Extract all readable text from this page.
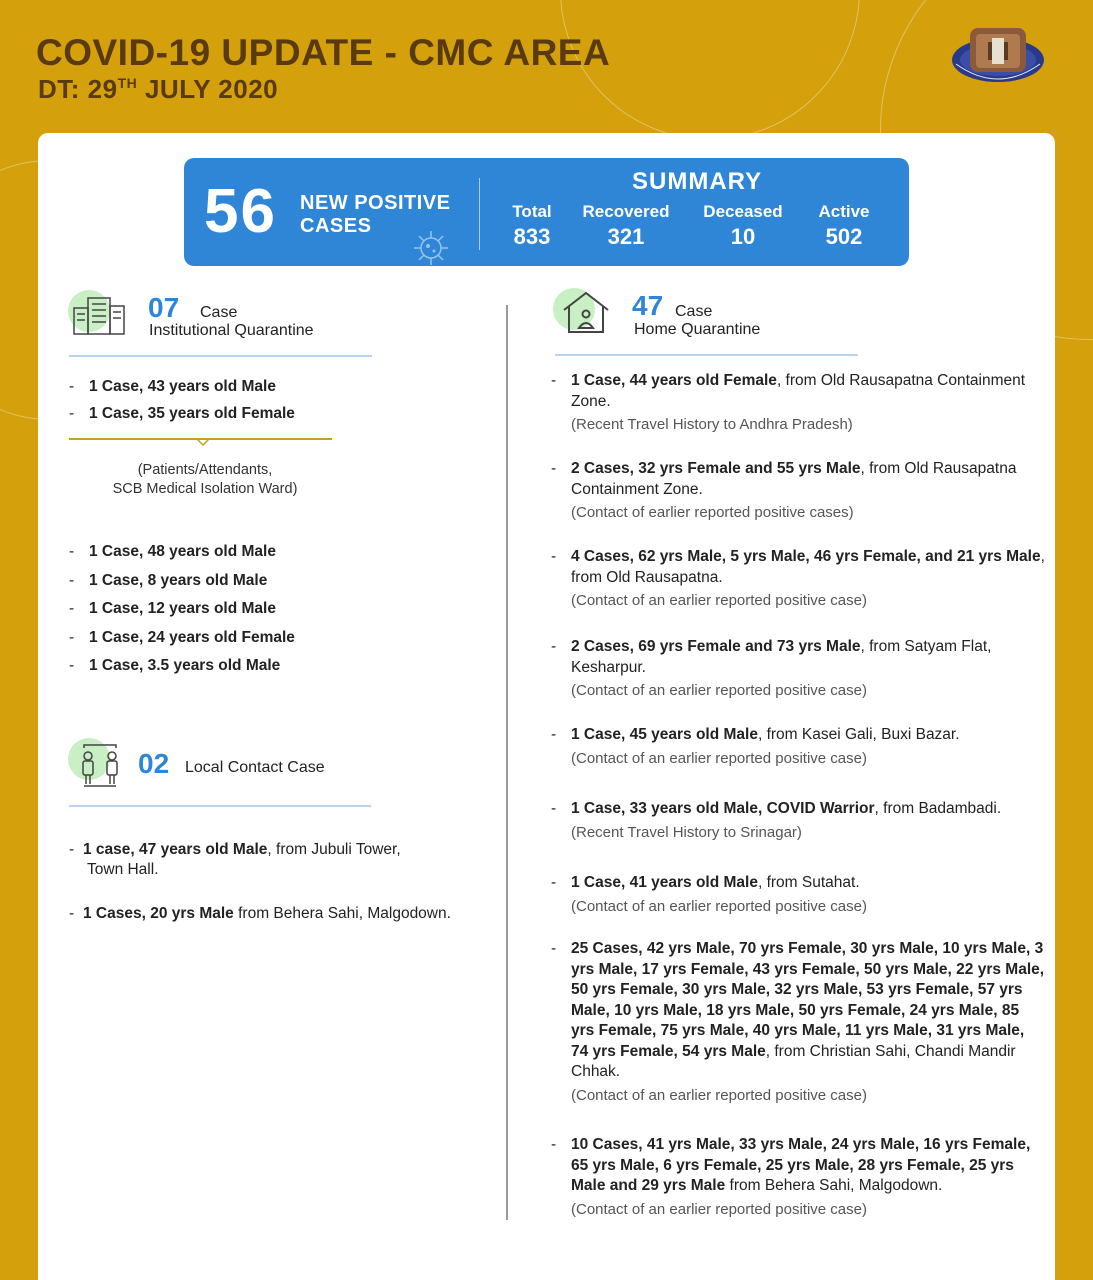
COVID-19 UPDATE - CMC AREA
DT: 29TH JULY 2020
56 NEW POSITIVE
CASES
SUMMARY
Total
833
Recovered
321
Deceased
10
Active
502
07 Case
Institutional Quarantine
- 1 Case, 43 years old Male
- 1 Case, 35 years old Female
(Patients/Attendants,
SCB Medical Isolation Ward)
- 1 Case, 48 years old Male
- 1 Case, 8 years old Male
- 1 Case, 12 years old Male
- 1 Case, 24 years old Female
- 1 Case, 3.5 years old Male
02 Local Contact Case
- 1 case, 47 years old Male, from Jubuli Tower,
Town Hall.
- 1 Cases, 20 yrs Male from Behera Sahi, Malgodown.
47 Case
Home Quarantine
- 1 Case, 44 years old Female, from Old Rausapatna Containment Zone.
(Recent Travel History to Andhra Pradesh)
- 2 Cases, 32 yrs Female and 55 yrs Male, from Old Rausapatna Containment Zone.
(Contact of earlier reported positive cases)
- 4 Cases, 62 yrs Male, 5 yrs Male, 46 yrs Female, and 21 yrs Male, from Old Rausapatna.
(Contact of an earlier reported positive case)
- 2 Cases, 69 yrs Female and 73 yrs Male, from Satyam Flat, Kesharpur.
(Contact of an earlier reported positive case)
- 1 Case, 45 years old Male, from Kasei Gali, Buxi Bazar.
(Contact of an earlier reported positive case)
- 1 Case, 33 years old Male, COVID Warrior, from Badambadi.
(Recent Travel History to Srinagar)
- 1 Case, 41 years old Male, from Sutahat.
(Contact of an earlier reported positive case)
- 25 Cases, 42 yrs Male, 70 yrs Female, 30 yrs Male, 10 yrs Male, 3 yrs Male, 17 yrs Female, 43 yrs Female, 50 yrs Male, 22 yrs Male, 50 yrs Female, 30 yrs Male, 32 yrs Male, 53 yrs Female, 57 yrs Male, 10 yrs Male, 18 yrs Male, 50 yrs Female, 24 yrs Male, 85 yrs Female, 75 yrs Male, 40 yrs Male, 11 yrs Male, 31 yrs Male, 74 yrs Female, 54 yrs Male, from Christian Sahi, Chandi Mandir Chhak.
(Contact of an earlier reported positive case)
- 10 Cases, 41 yrs Male, 33 yrs Male, 24 yrs Male, 16 yrs Female, 65 yrs Male, 6 yrs Female, 25 yrs Male, 28 yrs Female, 25 yrs Male and 29 yrs Male from Behera Sahi, Malgodown.
(Contact of an earlier reported positive case)
